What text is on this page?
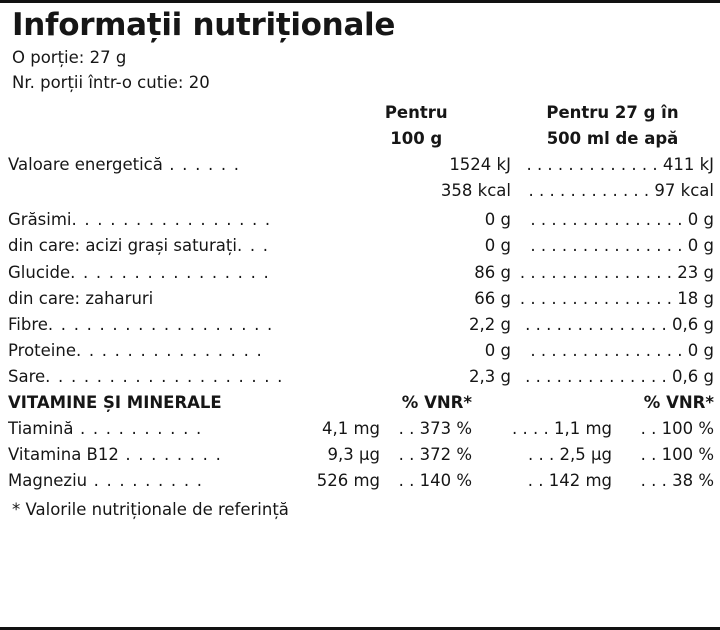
Informații nutriționale
O porție: 27 g
Nr. porții într-o cutie: 20

Pentru
100 g

Pentru 27 g în
500 ml de apă

Valoare energetică . . . . . .	1524 kJ	. . . . . . . . . . . . . 411 kJ
	358 kcal	. . . . . . . . . . . . 97 kcal

Grăsimi. . . . . . . . . . . . . . . .	0 g	. . . . . . . . . . . . . . . 0 g
din care: acizi grași saturați. . .	0 g	. . . . . . . . . . . . . . . 0 g
Glucide. . . . . . . . . . . . . . . .	86 g	. . . . . . . . . . . . . . . 23 g
din care: zaharuri	66 g	. . . . . . . . . . . . . . . 18 g
Fibre. . . . . . . . . . . . . . . . . .	2,2 g	. . . . . . . . . . . . . . 0,6 g
Proteine. . . . . . . . . . . . . . .	0 g	. . . . . . . . . . . . . . . 0 g
Sare. . . . . . . . . . . . . . . . . . .	2,3 g	. . . . . . . . . . . . . . 0,6 g
VITAMINE ȘI MINERALE		% VNR*		% VNR*
Tiamină . . . . . . . . . .	4,1 mg	. . 373 %	. . . . 1,1 mg	. . 100 %
Vitamina B12 . . . . . . . .	9,3 μg	. . 372 %	. . . 2,5 μg	. . 100 %
Magneziu . . . . . . . . .	526 mg	. . 140 %	. . 142 mg	. . . 38 %
* Valorile nutriționale de referință
